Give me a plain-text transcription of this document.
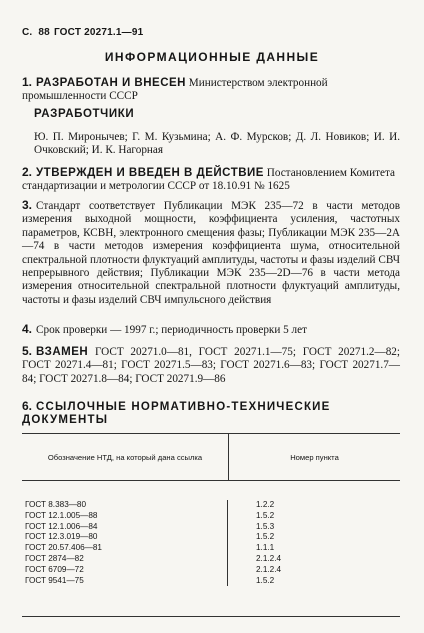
С. 88 ГОСТ 20271.1—91
ИНФОРМАЦИОННЫЕ ДАННЫЕ
1. РАЗРАБОТАН И ВНЕСЕН Министерством электронной промышленности СССР
РАЗРАБОТЧИКИ
Ю. П. Миронычев; Г. М. Кузьмина; А. Ф. Мурсков; Д. Л. Новиков; И. И. Очковский; И. К. Нагорная
2. УТВЕРЖДЕН И ВВЕДЕН В ДЕЙСТВИЕ Постановлением Комитета стандартизации и метрологии СССР от 18.10.91 № 1625
3. Стандарт соответствует Публикации МЭК 235—72 в части методов измерения выходной мощности, коэффициента усиления, частотных параметров, КСВН, электронного смещения фазы; Публикации МЭК 235—2А—74 в части методов измерения коэффициента шума, относительной спектральной плотности флуктуаций амплитуды, частоты и фазы изделий СВЧ непрерывного действия; Публикации МЭК 235—2D—76 в части метода измерения относительной спектральной плотности флуктуаций амплитуды, частоты и фазы изделий СВЧ импульсного действия
4. Срок проверки — 1997 г.; периодичность проверки 5 лет
5. ВЗАМЕН ГОСТ 20271.0—81, ГОСТ 20271.1—75; ГОСТ 20271.2—82; ГОСТ 20271.4—81; ГОСТ 20271.5—83; ГОСТ 20271.6—83; ГОСТ 20271.7—84; ГОСТ 20271.8—84; ГОСТ 20271.9—86
6. ССЫЛОЧНЫЕ НОРМАТИВНО-ТЕХНИЧЕСКИЕ ДОКУМЕНТЫ
Обозначение НТД, на который дана ссылка	Номер пункта
ГОСТ 8.383—80
ГОСТ 12.1.005—88
ГОСТ 12.1.006—84
ГОСТ 12.3.019—80
ГОСТ 20.57.406—81
ГОСТ 2874—82
ГОСТ 6709—72
ГОСТ 9541—75
1.2.2
1.5.2
1.5.3
1.5.2
1.1.1
2.1.2.4
2.1.2.4
1.5.2
